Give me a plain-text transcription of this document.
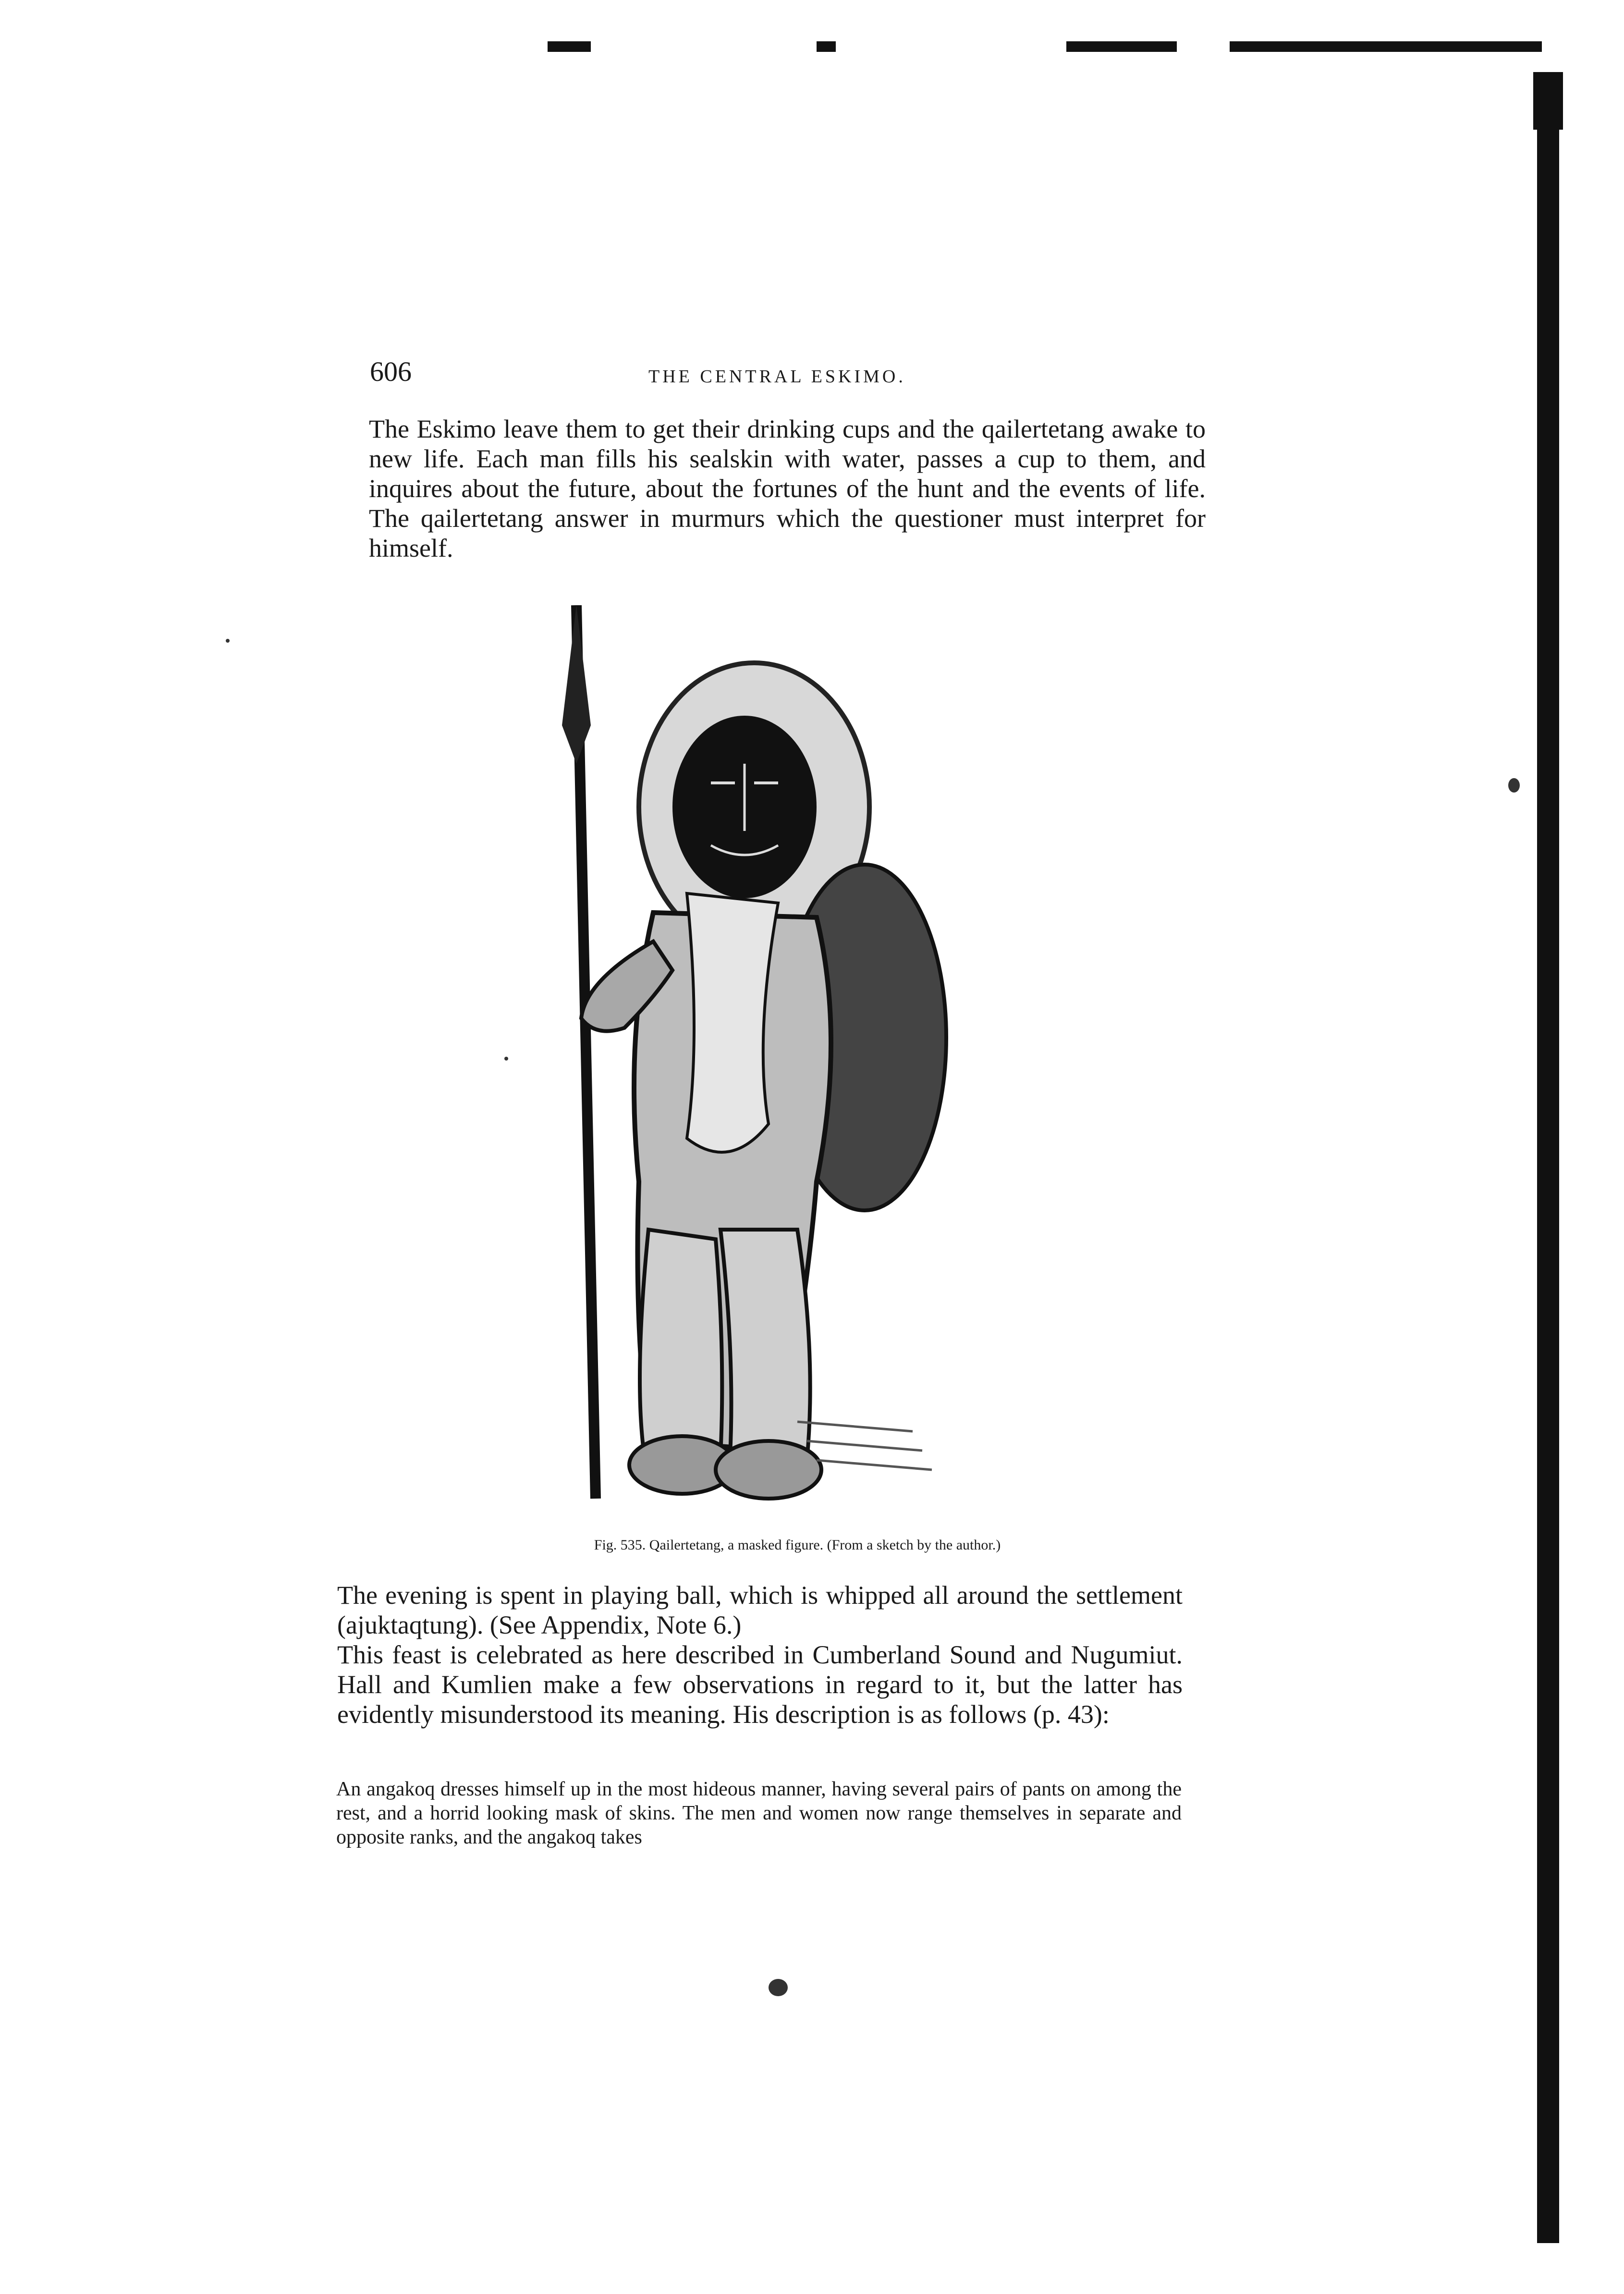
606	THE CENTRAL ESKIMO.

The Eskimo leave them to get their drinking cups and the qailertetang awake to new life. Each man fills his sealskin with water, passes a cup to them, and inquires about the future, about the fortunes of the hunt and the events of life. The qailertetang answer in murmurs which the questioner must interpret for himself.

Fig. 535. Qailertetang, a masked figure. (From a sketch by the author.)

The evening is spent in playing ball, which is whipped all around the settlement (ajuktaqtung). (See Appendix, Note 6.)
This feast is celebrated as here described in Cumberland Sound and Nugumiut. Hall and Kumlien make a few observations in regard to it, but the latter has evidently misunderstood its meaning. His description is as follows (p. 43):

An angakoq dresses himself up in the most hideous manner, having several pairs of pants on among the rest, and a horrid looking mask of skins. The men and women now range themselves in separate and opposite ranks, and the angakoq takes
